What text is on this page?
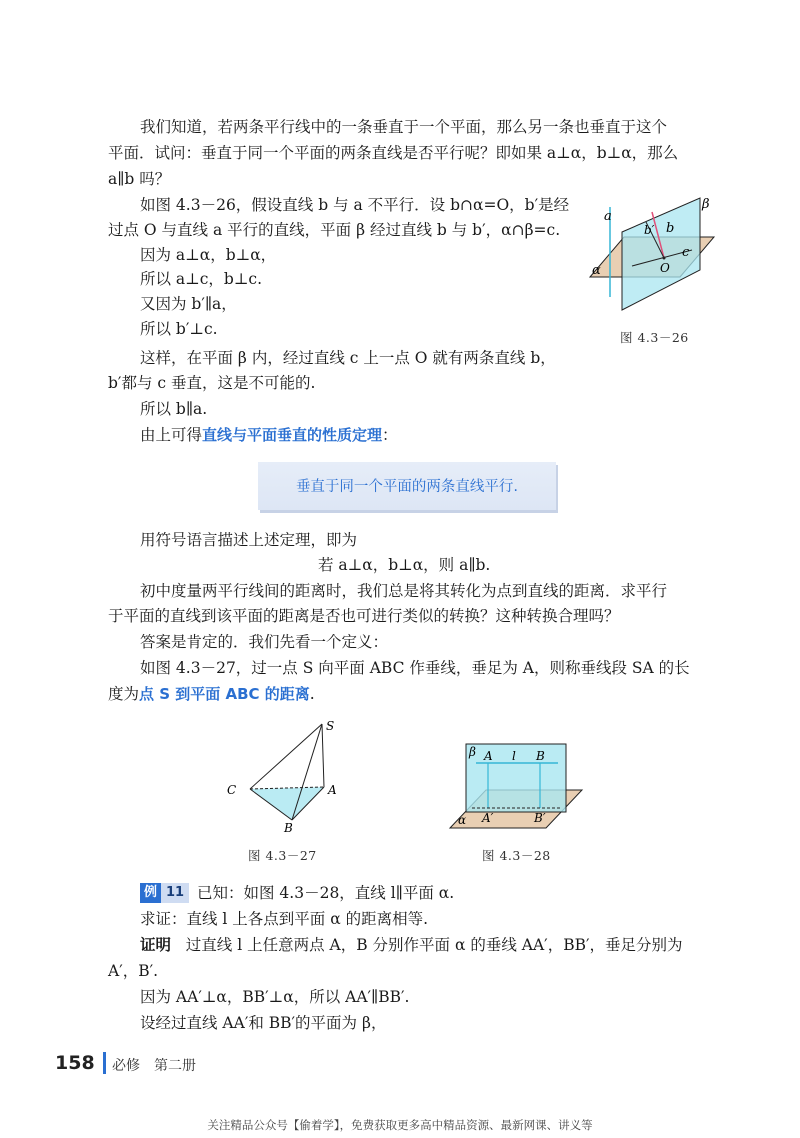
我们知道，若两条平行线中的一条垂直于一个平面，那么另一条也垂直于这个
平面．试问：垂直于同一个平面的两条直线是否平行呢？即如果 a⊥α，b⊥α，那么
a∥b 吗？
如图 4.3－26，假设直线 b 与 a 不平行．设 b∩α=O，b′是经
过点 O 与直线 a 平行的直线，平面 β 经过直线 b 与 b′，α∩β=c.
因为 a⊥α，b⊥α，
所以 a⊥c，b⊥c.
又因为 b′∥a，
所以 b′⊥c.
这样，在平面 β 内，经过直线 c 上一点 O 就有两条直线 b，
b′都与 c 垂直，这是不可能的.
所以 b∥a.
由上可得直线与平面垂直的性质定理：
β
a
b′ b
c
O
α
图 4.3－26
垂直于同一个平面的两条直线平行.
用符号语言描述上述定理，即为
若 a⊥α，b⊥α，则 a∥b.
初中度量两平行线间的距离时，我们总是将其转化为点到直线的距离．求平行
于平面的直线到该平面的距离是否也可进行类似的转换？这种转换合理吗？
答案是肯定的．我们先看一个定义：
如图 4.3－27，过一点 S 向平面 ABC 作垂线，垂足为 A，则称垂线段 SA 的长
度为点 S 到平面 ABC 的距离.
S
C	A
B
图 4.3－27
β A l B
α A′	B′
图 4.3－28
例 11 已知：如图 4.3－28，直线 l∥平面 α.
求证：直线 l 上各点到平面 α 的距离相等.
证明 过直线 l 上任意两点 A，B 分别作平面 α 的垂线 AA′，BB′，垂足分别为
A′，B′.
因为 AA′⊥α，BB′⊥α，所以 AA′∥BB′.
设经过直线 AA′和 BB′的平面为 β，
158 必修　第二册
关注精品公众号【偷着学】，免费获取更多高中精品资源、最新网课、讲义等
